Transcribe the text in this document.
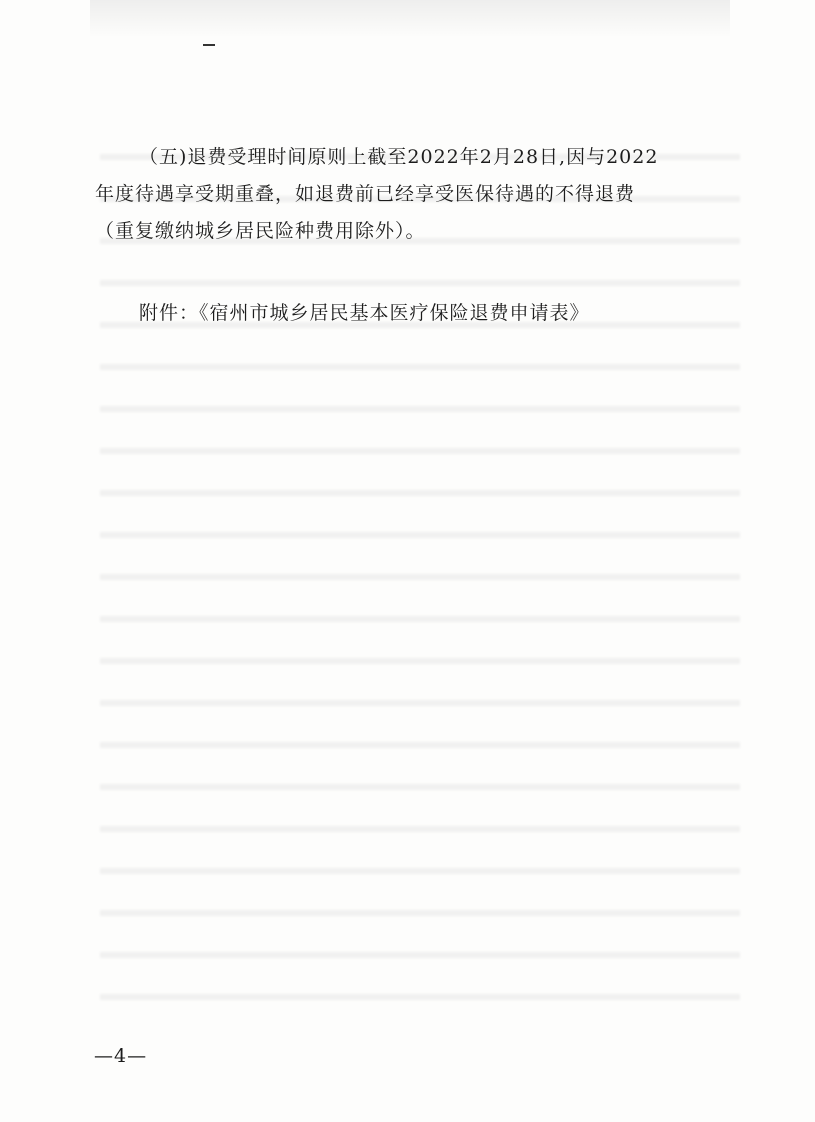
（五)退费受理时间原则上截至2022年2月28日,因与2022
年度待遇享受期重叠，如退费前已经享受医保待遇的不得退费
（重复缴纳城乡居民险种费用除外）。
附件：《宿州市城乡居民基本医疗保险退费申请表》
—4—
